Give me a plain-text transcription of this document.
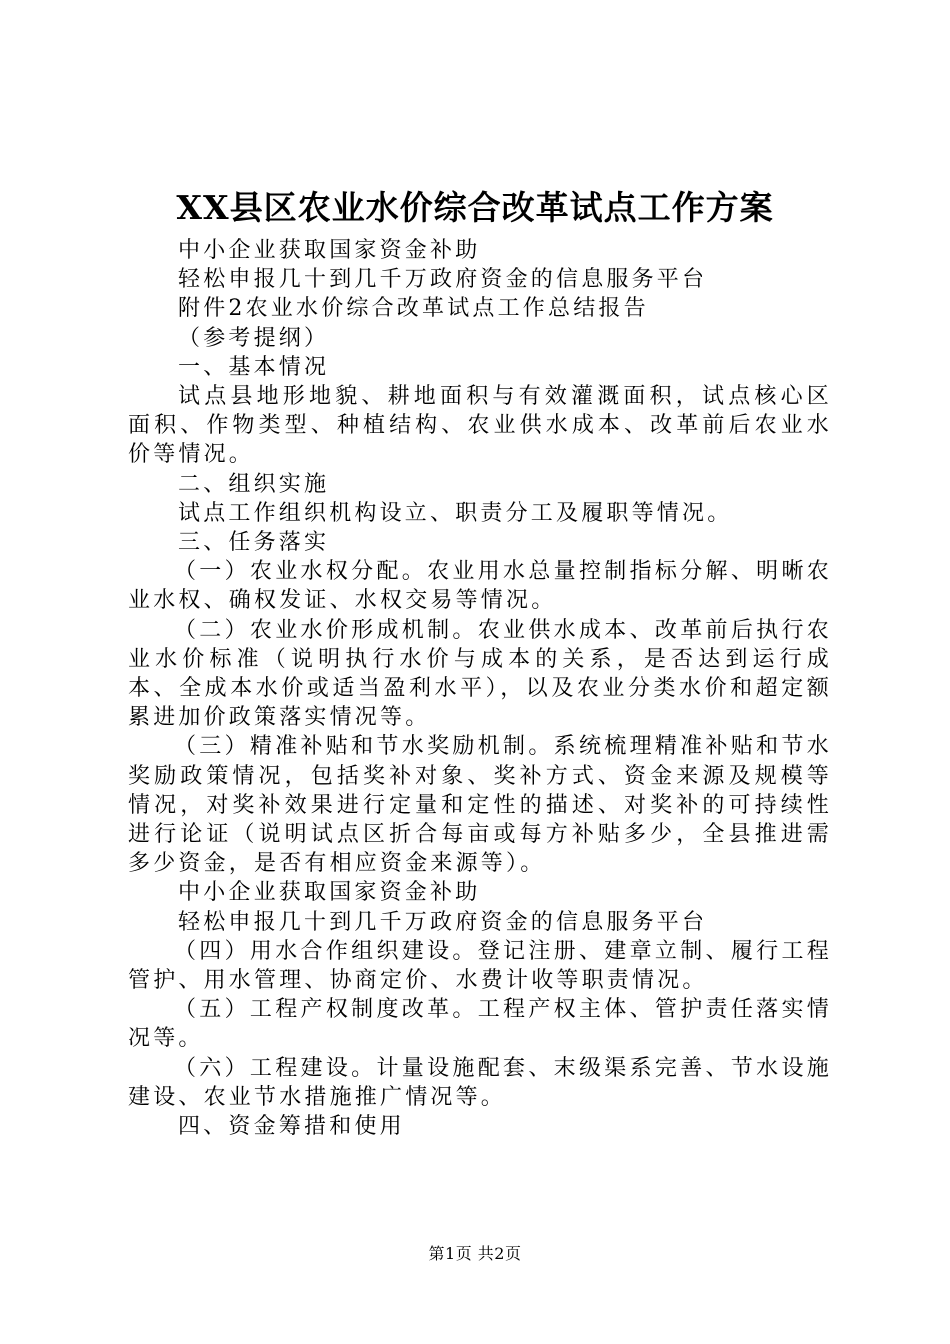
XX县区农业水价综合改革试点工作方案

中小企业获取国家资金补助

轻松申报几十到几千万政府资金的信息服务平台

附件2农业水价综合改革试点工作总结报告

（参考提纲）

一、基本情况

试点县地形地貌、耕地面积与有效灌溉面积，试点核心区面积、作物类型、种植结构、农业供水成本、改革前后农业水价等情况。

二、组织实施

试点工作组织机构设立、职责分工及履职等情况。

三、任务落实

（一）农业水权分配。农业用水总量控制指标分解、明晰农业水权、确权发证、水权交易等情况。

（二）农业水价形成机制。农业供水成本、改革前后执行农业水价标准（说明执行水价与成本的关系，是否达到运行成本、全成本水价或适当盈利水平），以及农业分类水价和超定额累进加价政策落实情况等。

（三）精准补贴和节水奖励机制。系统梳理精准补贴和节水奖励政策情况，包括奖补对象、奖补方式、资金来源及规模等情况，对奖补效果进行定量和定性的描述、对奖补的可持续性进行论证（说明试点区折合每亩或每方补贴多少，全县推进需多少资金，是否有相应资金来源等）。

中小企业获取国家资金补助

轻松申报几十到几千万政府资金的信息服务平台

（四）用水合作组织建设。登记注册、建章立制、履行工程管护、用水管理、协商定价、水费计收等职责情况。

（五）工程产权制度改革。工程产权主体、管护责任落实情况等。

（六）工程建设。计量设施配套、末级渠系完善、节水设施建设、农业节水措施推广情况等。

四、资金筹措和使用

第1页 共2页
